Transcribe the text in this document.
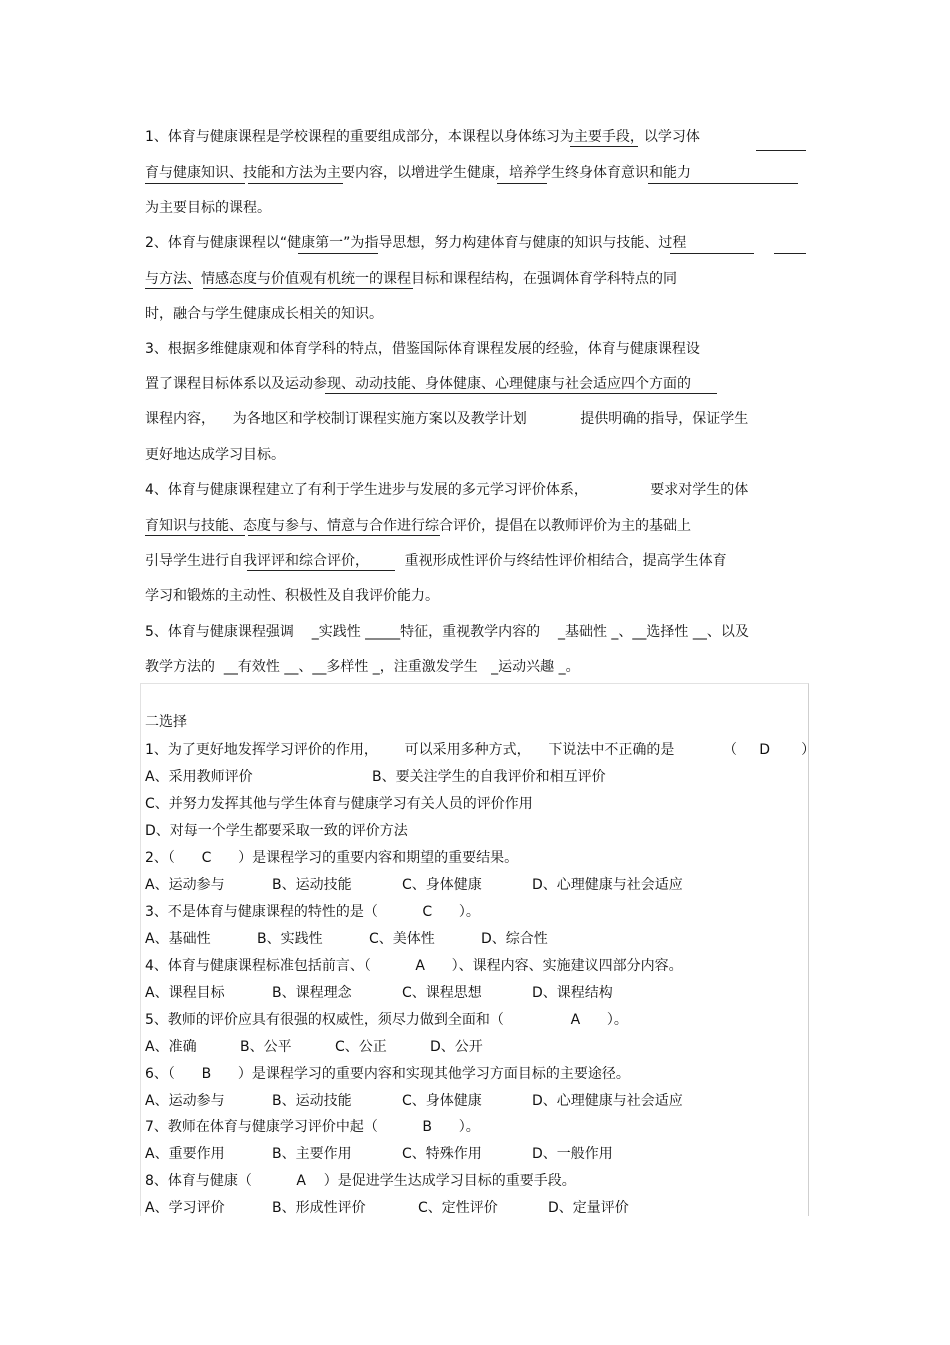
1、体育与健康课程是学校课程的重要组成部分，本课程以身体练习为主要手段，以学习体
育与健康知识、技能和方法为主要内容，以增进学生健康，培养学生终身体育意识和能力
为主要目标的课程。
2、体育与健康课程以“健康第一”为指导思想，努力构建体育与健康的知识与技能、过程
与方法、情感态度与价值观有机统一的课程目标和课程结构，在强调体育学科特点的同
时，融合与学生健康成长相关的知识。
3、根据多维健康观和体育学科的特点，借鉴国际体育课程发展的经验，体育与健康课程设
置了课程目标体系以及运动参现、动动技能、身体健康、心理健康与社会适应四个方面的
课程内容，    为各地区和学校制订课程实施方案以及教学计划            提供明确的指导，保证学生
更好地达成学习目标。
4、体育与健康课程建立了有利于学生进步与发展的多元学习评价体系，              要求对学生的体
育知识与技能、态度与参与、情意与合作进行综合评价，提倡在以教师评价为主的基础上
引导学生进行自我评评和综合评价，        重视形成性评价与终结性评价相结合，提高学生体育
学习和锻炼的主动性、积极性及自我评价能力。
5、体育与健康课程强调    _实践性 _____特征，重视教学内容的    _基础性 _、__选择性 __、以及
教学方法的  __有效性 __、__多样性 _，注重激发学生   _运动兴趣 _。
二选择
1、为了更好地发挥学习评价的作用，      可以采用多种方式，    下说法中不正确的是	（     D       ）
A、采用教师评价	B、要关注学生的自我评价和相互评价
C、并努力发挥其他与学生体育与健康学习有关人员的评价作用
D、对每一个学生都要采取一致的评价方法
2、（      C      ）是课程学习的重要内容和期望的重要结果。
A、运动参与	B、运动技能	C、身体健康	D、心理健康与社会适应
3、不是体育与健康课程的特性的是（          C      ）。
A、基础性	B、实践性	C、美体性	D、综合性
4、体育与健康课程标准包括前言、（          A      ）、课程内容、实施建议四部分内容。
A、课程目标	B、课程理念	C、课程思想	D、课程结构
5、教师的评价应具有很强的权威性，须尽力做到全面和（               A      ）。
A、准确	B、公平	C、公正	D、公开
6、（      B      ）是课程学习的重要内容和实现其他学习方面目标的主要途径。
A、运动参与	B、运动技能	C、身体健康	D、心理健康与社会适应
7、教师在体育与健康学习评价中起（          B      ）。
A、重要作用	B、主要作用	C、特殊作用	D、一般作用
8、体育与健康（          A    ）是促进学生达成学习目标的重要手段。
A、学习评价	B、形成性评价	C、定性评价	D、定量评价
